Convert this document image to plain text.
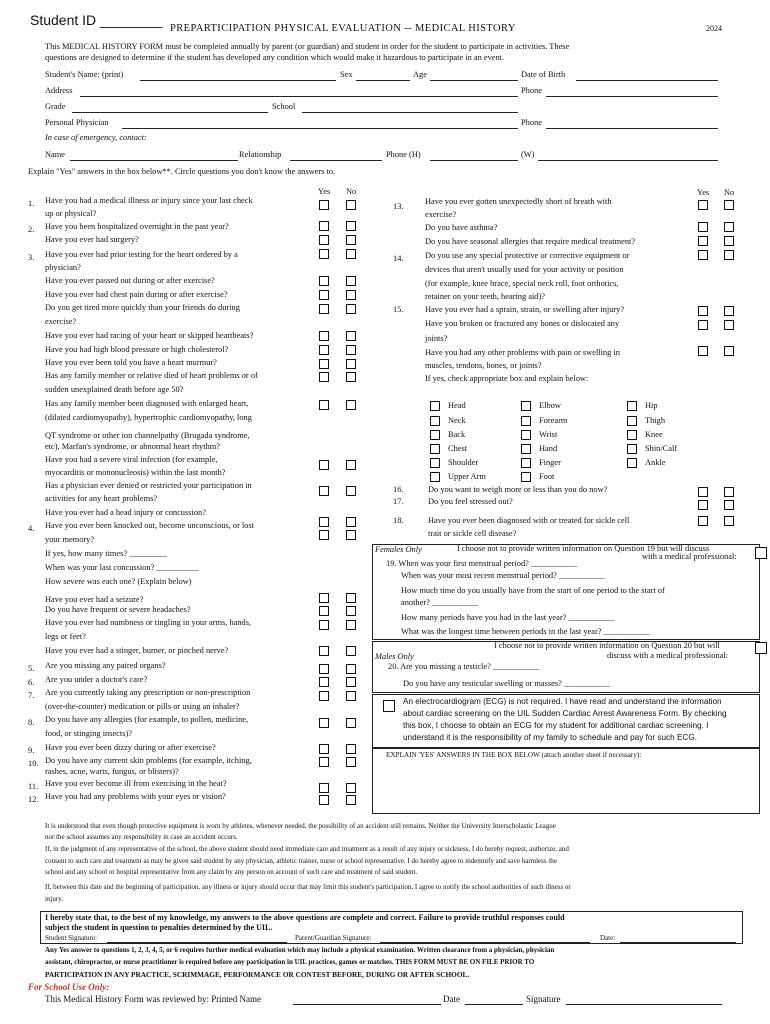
Student ID ________
PREPARTICIPATION PHYSICAL EVALUATION -- MEDICAL HISTORY	2024
This MEDICAL HISTORY FORM must be completed annually by parent (or guardian) and student in order for the student to participate in activities. These
questions are designed to determine if the student has developed any condition which would make it hazardous to participate in an event.
Student's Name: (print)	Sex	Age	Date of Birth
Address	Phone
Grade	School
Personal Physician	Phone
In case of emergency, contact:
Name	Relationship	Phone (H)	(W)
Explain "Yes" answers in the box below**. Circle questions you don't know the answers to.
Yes No	Yes No
1. Have you had a medical illness or injury since your last check
up or physical?
2. Have you been hospitalized overnight in the past year?
Have you ever had surgery?
3. Have you ever had prior testing for the heart ordered by a
physician?
Have you ever passed out during or after exercise?
Have you ever had chest pain during or after exercise?
Do you get tired more quickly than your friends do during
exercise?
Have you ever had racing of your heart or skipped heartbeats?
Have you had high blood pressure or high cholesterol?
Have you ever been told you have a heart murmur?
Has any family member or relative died of heart problems or of
sudden unexplained death before age 50?
Has any family member been diagnosed with enlarged heart,
(dilated cardiomyopathy), hypertrophic cardiomyopathy, long
QT syndrome or other ion channelpathy (Brugada syndrome,
etc), Marfan's syndrome, or abnormal heart rhythm?
Have you had a severe viral infection (for example,
myocarditis or mononucleosis) within the last month?
Has a physician ever denied or restricted your participation in
activities for any heart problems?
Have you ever had a head injury or concussion?
4. Have you ever been knocked out, become unconscious, or lost
your memory?
If yes, how many times? _________
When was your last concussion? __________
How severe was each one? (Explain below)
Have you ever had a seizure?
Do you have frequent or severe headaches?
Have you ever had numbness or tingling in your arms, hands,
legs or feet?
Have you ever had a stinger, burner, or pinched nerve?
5. Are you missing any paired organs?
6. Are you under a doctor's care?
7. Are you currently taking any prescription or non-prescription
(over-the-counter) medication or pills or using an inhaler?
8. Do you have any allergies (for example, to pollen, medicine,
food, or stinging insects)?
9. Have you ever been dizzy during or after exercise?
10. Do you have any current skin problems (for example, itching,
rashes, acne, warts, fungus, or blisters)?
11. Have you ever become ill from exercising in the heat?
12. Have you had any problems with your eyes or vision?
13.
Have you ever gotten unexpectedly short of breath with
exercise?
Do you have asthma?
Do you have seasonal allergies that require medical treatment?
14.	Do you use any special protective or corrective equipment or
devices that aren't usually used for your activity or position
(for example, knee brace, special neck roll, foot orthotics,
retainer on your teeth, hearing aid)?
15.	Have you ever had a sprain, strain, or swelling after injury?
Have you broken or fractured any bones or dislocated any
joints?
Have you had any other problems with pain or swelling in
muscles, tendons, bones, or joints?
If yes, check appropriate box and explain below:
Head	Elbow	Hip
Neck	Forearm	Thigh
Back	Wrist	Knee
Chest	Hand	Shin/Calf
Shoulder	Finger	Ankle
Upper Arm	Foot
16.	Do you want to weigh more or less than you do now?
17.	Do you feel stressed out?
18.	Have you ever been diagnosed with or treated for sickle cell
trait or sickle cell disease?
Females Only	I choose not to provide written information on Question 19 but will discuss
with a medical professional:
19. When was your first menstrual period? ___________
When was your most recent menstrual period? ___________
How much time do you usually have from the start of one period to the start of
another? ___________
How many periods have you had in the last year? ___________
What was the longest time between periods in the last year? ___________
I choose not to provide written information on Question 20 but will
discuss with a medical professional:
Males Only
20. Are you missing a testicle? ___________
Do you have any testicular swelling or masses? ___________
An electrocardiogram (ECG) is not required. I have read and understand the information
about cardiac screening on the UIL Sudden Cardiac Arrest Awareness Form. By checking
this box, I choose to obtain an ECG for my student for additional cardiac screening. I
understand it is the responsibility of my family to schedule and pay for such ECG.
EXPLAIN 'YES' ANSWERS IN THE BOX BELOW (attach another sheet if necessary):
It is understood that even though protective equipment is worn by athletes, whenever needed, the possibility of an accident still remains. Neither the University Interscholastic League
nor the school assumes any responsibility in case an accident occurs.
If, in the judgment of any representative of the school, the above student should need immediate care and treatment as a result of any injury or sickness, I do hereby request, authorize, and
consent to such care and treatment as may be given said student by any physician, athletic trainer, nurse or school representative. I do hereby agree to indemnify and save harmless the
school and any school or hospital representative from any claim by any person on account of such care and treatment of said student.
If, between this date and the beginning of participation, any illness or injury should occur that may limit this student's participation, I agree to notify the school authorities of such illness or
injury.
I hereby state that, to the best of my knowledge, my answers to the above questions are complete and correct. Failure to provide truthful responses could
subject the student in question to penalties determined by the UIL.
Student Signature:	Parent/Guardian Signature:	Date:
Any Yes answer to questions 1, 2, 3, 4, 5, or 6 requires further medical evaluation which may include a physical examination. Written clearance from a physician, physician
assistant, chiropractor, or nurse practitioner is required before any participation in UIL practices, games or matches. THIS FORM MUST BE ON FILE PRIOR TO
PARTICIPATION IN ANY PRACTICE, SCRIMMAGE, PERFORMANCE OR CONTEST BEFORE, DURING OR AFTER SCHOOL.
For School Use Only:
This Medical History Form was reviewed by: Printed Name	Date	Signature
